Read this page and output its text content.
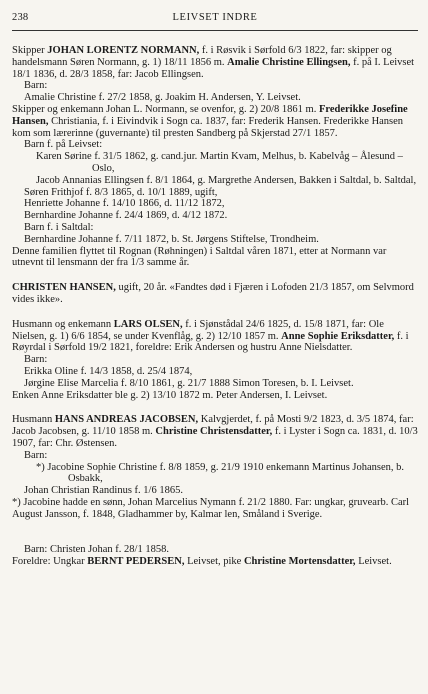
238	LEIVSET INDRE

Skipper JOHAN LORENTZ NORMANN, f. i Røsvik i Sørfold 6/3 1822, far: skipper og handelsmann Søren Normann, g. 1) 18/11 1856 m. Amalie Christine Ellingsen, f. på I. Leivset 18/1 1836, d. 28/3 1858, far: Jacob Ellingsen.

Barn:

Amalie Christine f. 27/2 1858, g. Joakim H. Andersen, Y. Leivset.

Skipper og enkemann Johan L. Normann, se ovenfor, g. 2) 20/8 1861 m. Frederikke Josefine Hansen, Christiania, f. i Eivindvik i Sogn ca. 1837, far: Frederik Hansen. Frederikke Hansen kom som lærerinne (guvernante) til presten Sandberg på Skjerstad 27/1 1857.

Barn f. på Leivset:

Karen Sørine f. 31/5 1862, g. cand.jur. Martin Kvam, Melhus, b. Kabelvåg – Ålesund – Oslo,

Jacob Annanias Ellingsen f. 8/1 1864, g. Margrethe Andersen, Bakken i Saltdal, b. Saltdal,

Søren Frithjof f. 8/3 1865, d. 10/1 1889, ugift,

Henriette Johanne f. 14/10 1866, d. 11/12 1872,

Bernhardine Johanne f. 24/4 1869, d. 4/12 1872.

Barn f. i Saltdal:

Bernhardine Johanne f. 7/11 1872, b. St. Jørgens Stiftelse, Trondheim.

Denne familien flyttet til Rognan (Røhningen) i Saltdal våren 1871, etter at Normann var utnevnt til lensmann der fra 1/3 samme år.

CHRISTEN HANSEN, ugift, 20 år. «Fandtes død i Fjæren i Lofoden 21/3 1857, om Selvmord vides ikke».

Husmann og enkemann LARS OLSEN, f. i Sjønstådal 24/6 1825, d. 15/8 1871, far: Ole Nielsen, g. 1) 6/6 1854, se under Kvenflåg, g. 2) 12/10 1857 m. Anne Sophie Eriksdatter, f. i Røyrdal i Sørfold 19/2 1821, foreldre: Erik Andersen og hustru Anne Nielsdatter.

Barn:

Erikka Oline f. 14/3 1858, d. 25/4 1874,

Jørgine Elise Marcelia f. 8/10 1861, g. 21/7 1888 Simon Toresen, b. I. Leivset.

Enken Anne Eriksdatter ble g. 2) 13/10 1872 m. Peter Andersen, I. Leivset.

Husmann HANS ANDREAS JACOBSEN, Kalvgjerdet, f. på Mosti 9/2 1823, d. 3/5 1874, far: Jacob Jacobsen, g. 11/10 1858 m. Christine Christensdatter, f. i Lyster i Sogn ca. 1831, d. 10/3 1907, far: Chr. Østensen.

Barn:

*) Jacobine Sophie Christine f. 8/8 1859, g. 21/9 1910 enkemann Martinus Johansen, b. Osbakk,

Johan Christian Randinus f. 1/6 1865.

*) Jacobine hadde en sønn, Johan Marcelius Nymann f. 21/2 1880. Far: ungkar, gruvearb. Carl August Jansson, f. 1848, Gladhammer by, Kalmar len, Småland i Sverige.

Barn: Christen Johan f. 28/1 1858.

Foreldre: Ungkar BERNT PEDERSEN, Leivset, pike Christine Mortensdatter, Leivset.
